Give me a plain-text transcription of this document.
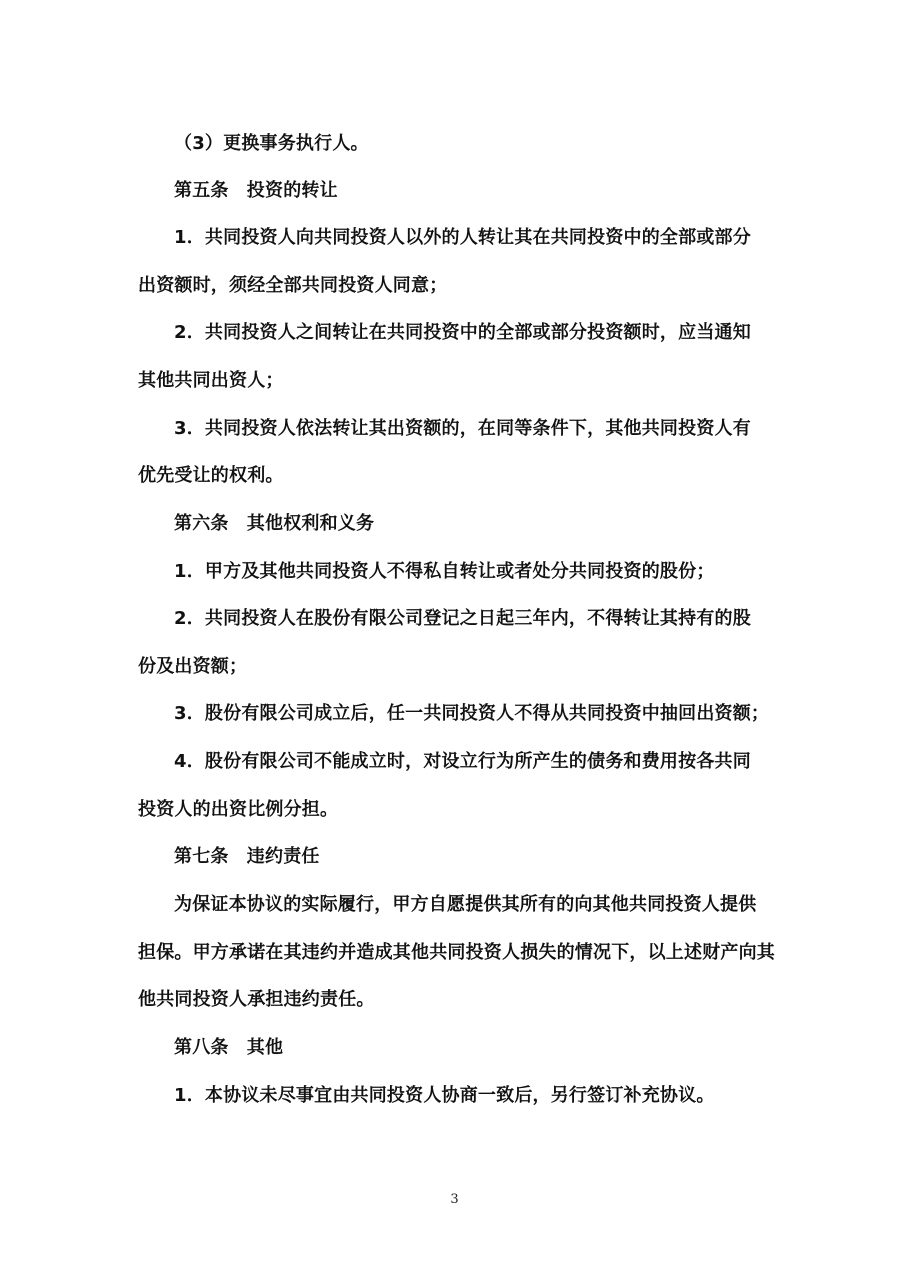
（3）更换事务执行人。
第五条　投资的转让
1．共同投资人向共同投资人以外的人转让其在共同投资中的全部或部分
出资额时，须经全部共同投资人同意；
2．共同投资人之间转让在共同投资中的全部或部分投资额时，应当通知
其他共同出资人；
3．共同投资人依法转让其出资额的，在同等条件下，其他共同投资人有
优先受让的权利。
第六条　其他权利和义务
1．甲方及其他共同投资人不得私自转让或者处分共同投资的股份；
2．共同投资人在股份有限公司登记之日起三年内，不得转让其持有的股
份及出资额；
3．股份有限公司成立后，任一共同投资人不得从共同投资中抽回出资额；
4．股份有限公司不能成立时，对设立行为所产生的债务和费用按各共同
投资人的出资比例分担。
第七条　违约责任
为保证本协议的实际履行，甲方自愿提供其所有的向其他共同投资人提供
担保。甲方承诺在其违约并造成其他共同投资人损失的情况下，以上述财产向其
他共同投资人承担违约责任。
第八条　其他
1．本协议未尽事宜由共同投资人协商一致后，另行签订补充协议。
3
